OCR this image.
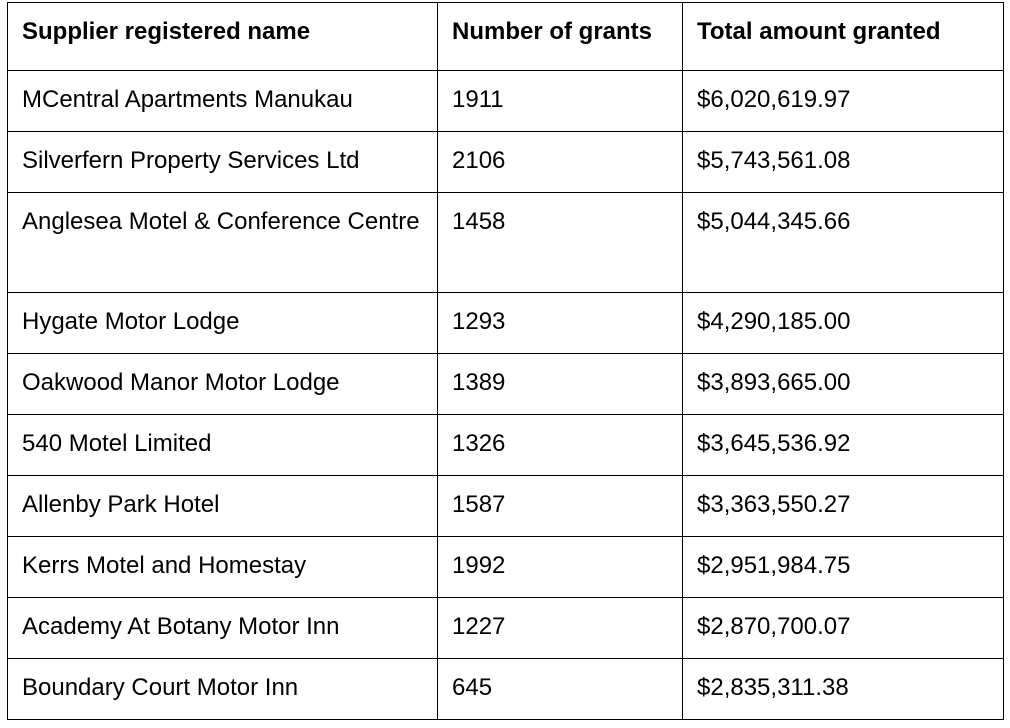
Supplier registered name	Number of grants	Total amount granted
MCentral Apartments Manukau	1911	$6,020,619.97
Silverfern Property Services Ltd	2106	$5,743,561.08
Anglesea Motel & Conference Centre	1458	$5,044,345.66
Hygate Motor Lodge	1293	$4,290,185.00
Oakwood Manor Motor Lodge	1389	$3,893,665.00
540 Motel Limited	1326	$3,645,536.92
Allenby Park Hotel	1587	$3,363,550.27
Kerrs Motel and Homestay	1992	$2,951,984.75
Academy At Botany Motor Inn	1227	$2,870,700.07
Boundary Court Motor Inn	645	$2,835,311.38
